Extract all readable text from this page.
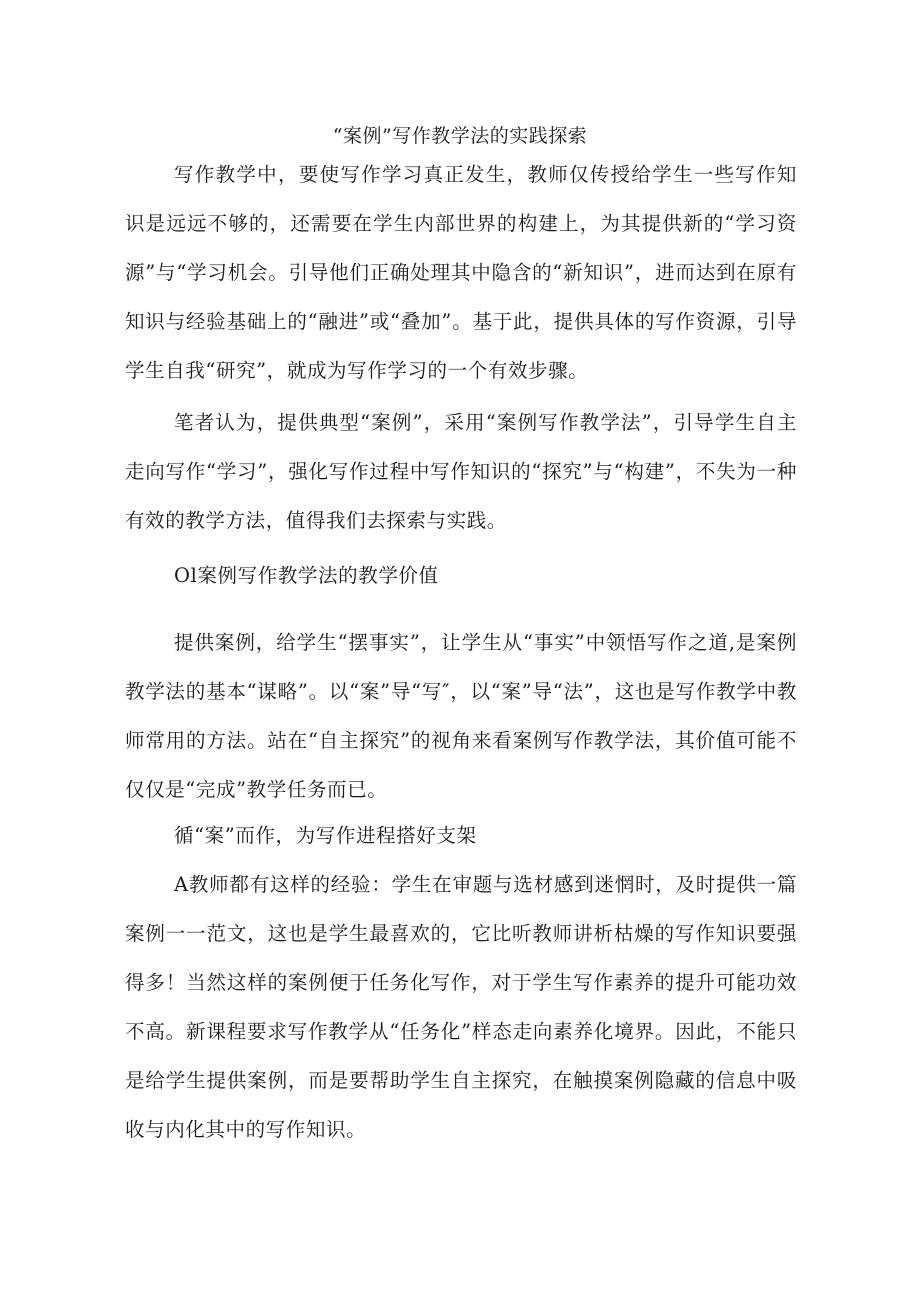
“案例”写作教学法的实践探索

写作教学中，要使写作学习真正发生，教师仅传授给学生一些写作知识是远远不够的，还需要在学生内部世界的构建上，为其提供新的“学习资源”与“学习机会。引导他们正确处理其中隐含的“新知识”，进而达到在原有知识与经验基础上的“融进”或“叠加”。基于此，提供具体的写作资源，引导学生自我“研究”，就成为写作学习的一个有效步骤。

笔者认为，提供典型“案例”，采用“案例写作教学法”，引导学生自主走向写作“学习”，强化写作过程中写作知识的“探究”与“构建”，不失为一种有效的教学方法，值得我们去探索与实践。

Ol案例写作教学法的教学价值

提供案例，给学生“摆事实”，让学生从“事实”中领悟写作之道,是案例教学法的基本“谋略”。以“案”导“写″，以“案”导“法”，这也是写作教学中教师常用的方法。站在“自主探究”的视角来看案例写作教学法，其价值可能不仅仅是“完成”教学任务而已。

循“案”而作，为写作进程搭好支架

A教师都有这样的经验：学生在审题与选材感到迷惘时，及时提供一篇案例一一范文，这也是学生最喜欢的，它比听教师讲析枯燥的写作知识要强得多！当然这样的案例便于任务化写作，对于学生写作素养的提升可能功效不高。新课程要求写作教学从“任务化”样态走向素养化境界。因此，不能只是给学生提供案例，而是要帮助学生自主探究，在触摸案例隐藏的信息中吸收与内化其中的写作知识。
